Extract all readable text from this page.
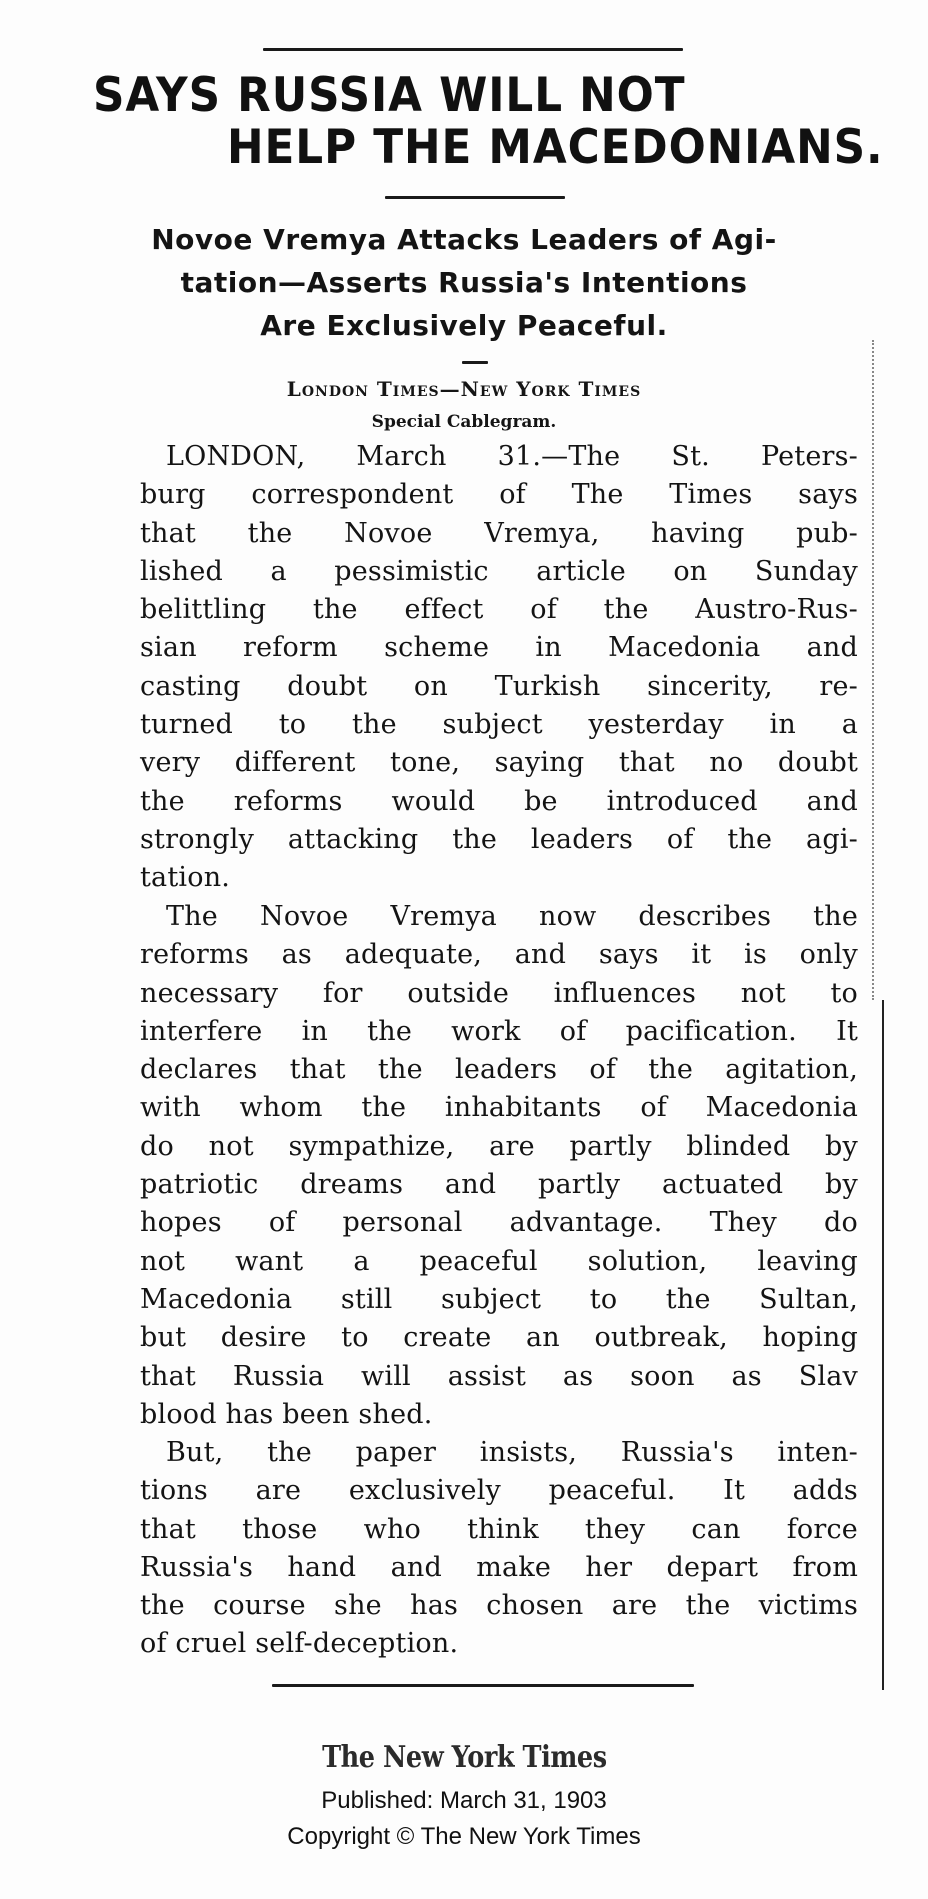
SAYS RUSSIA WILL NOT
HELP THE MACEDONIANS.
Novoe Vremya Attacks Leaders of Agi-
tation—Asserts Russia's Intentions
Are Exclusively Peaceful.
London Times—New York Times
Special Cablegram.
LONDON, March 31.—The St. Peters-
burg correspondent of The Times says
that the Novoe Vremya, having pub-
lished a pessimistic article on Sunday
belittling the effect of the Austro-Rus-
sian reform scheme in Macedonia and
casting doubt on Turkish sincerity, re-
turned to the subject yesterday in a
very different tone, saying that no doubt
the reforms would be introduced and
strongly attacking the leaders of the agi-
tation.
The Novoe Vremya now describes the
reforms as adequate, and says it is only
necessary for outside influences not to
interfere in the work of pacification. It
declares that the leaders of the agitation,
with whom the inhabitants of Macedonia
do not sympathize, are partly blinded by
patriotic dreams and partly actuated by
hopes of personal advantage. They do
not want a peaceful solution, leaving
Macedonia still subject to the Sultan,
but desire to create an outbreak, hoping
that Russia will assist as soon as Slav
blood has been shed.
But, the paper insists, Russia's inten-
tions are exclusively peaceful. It adds
that those who think they can force
Russia's hand and make her depart from
the course she has chosen are the victims
of cruel self-deception.
The New York Times
Published: March 31, 1903
Copyright © The New York Times
